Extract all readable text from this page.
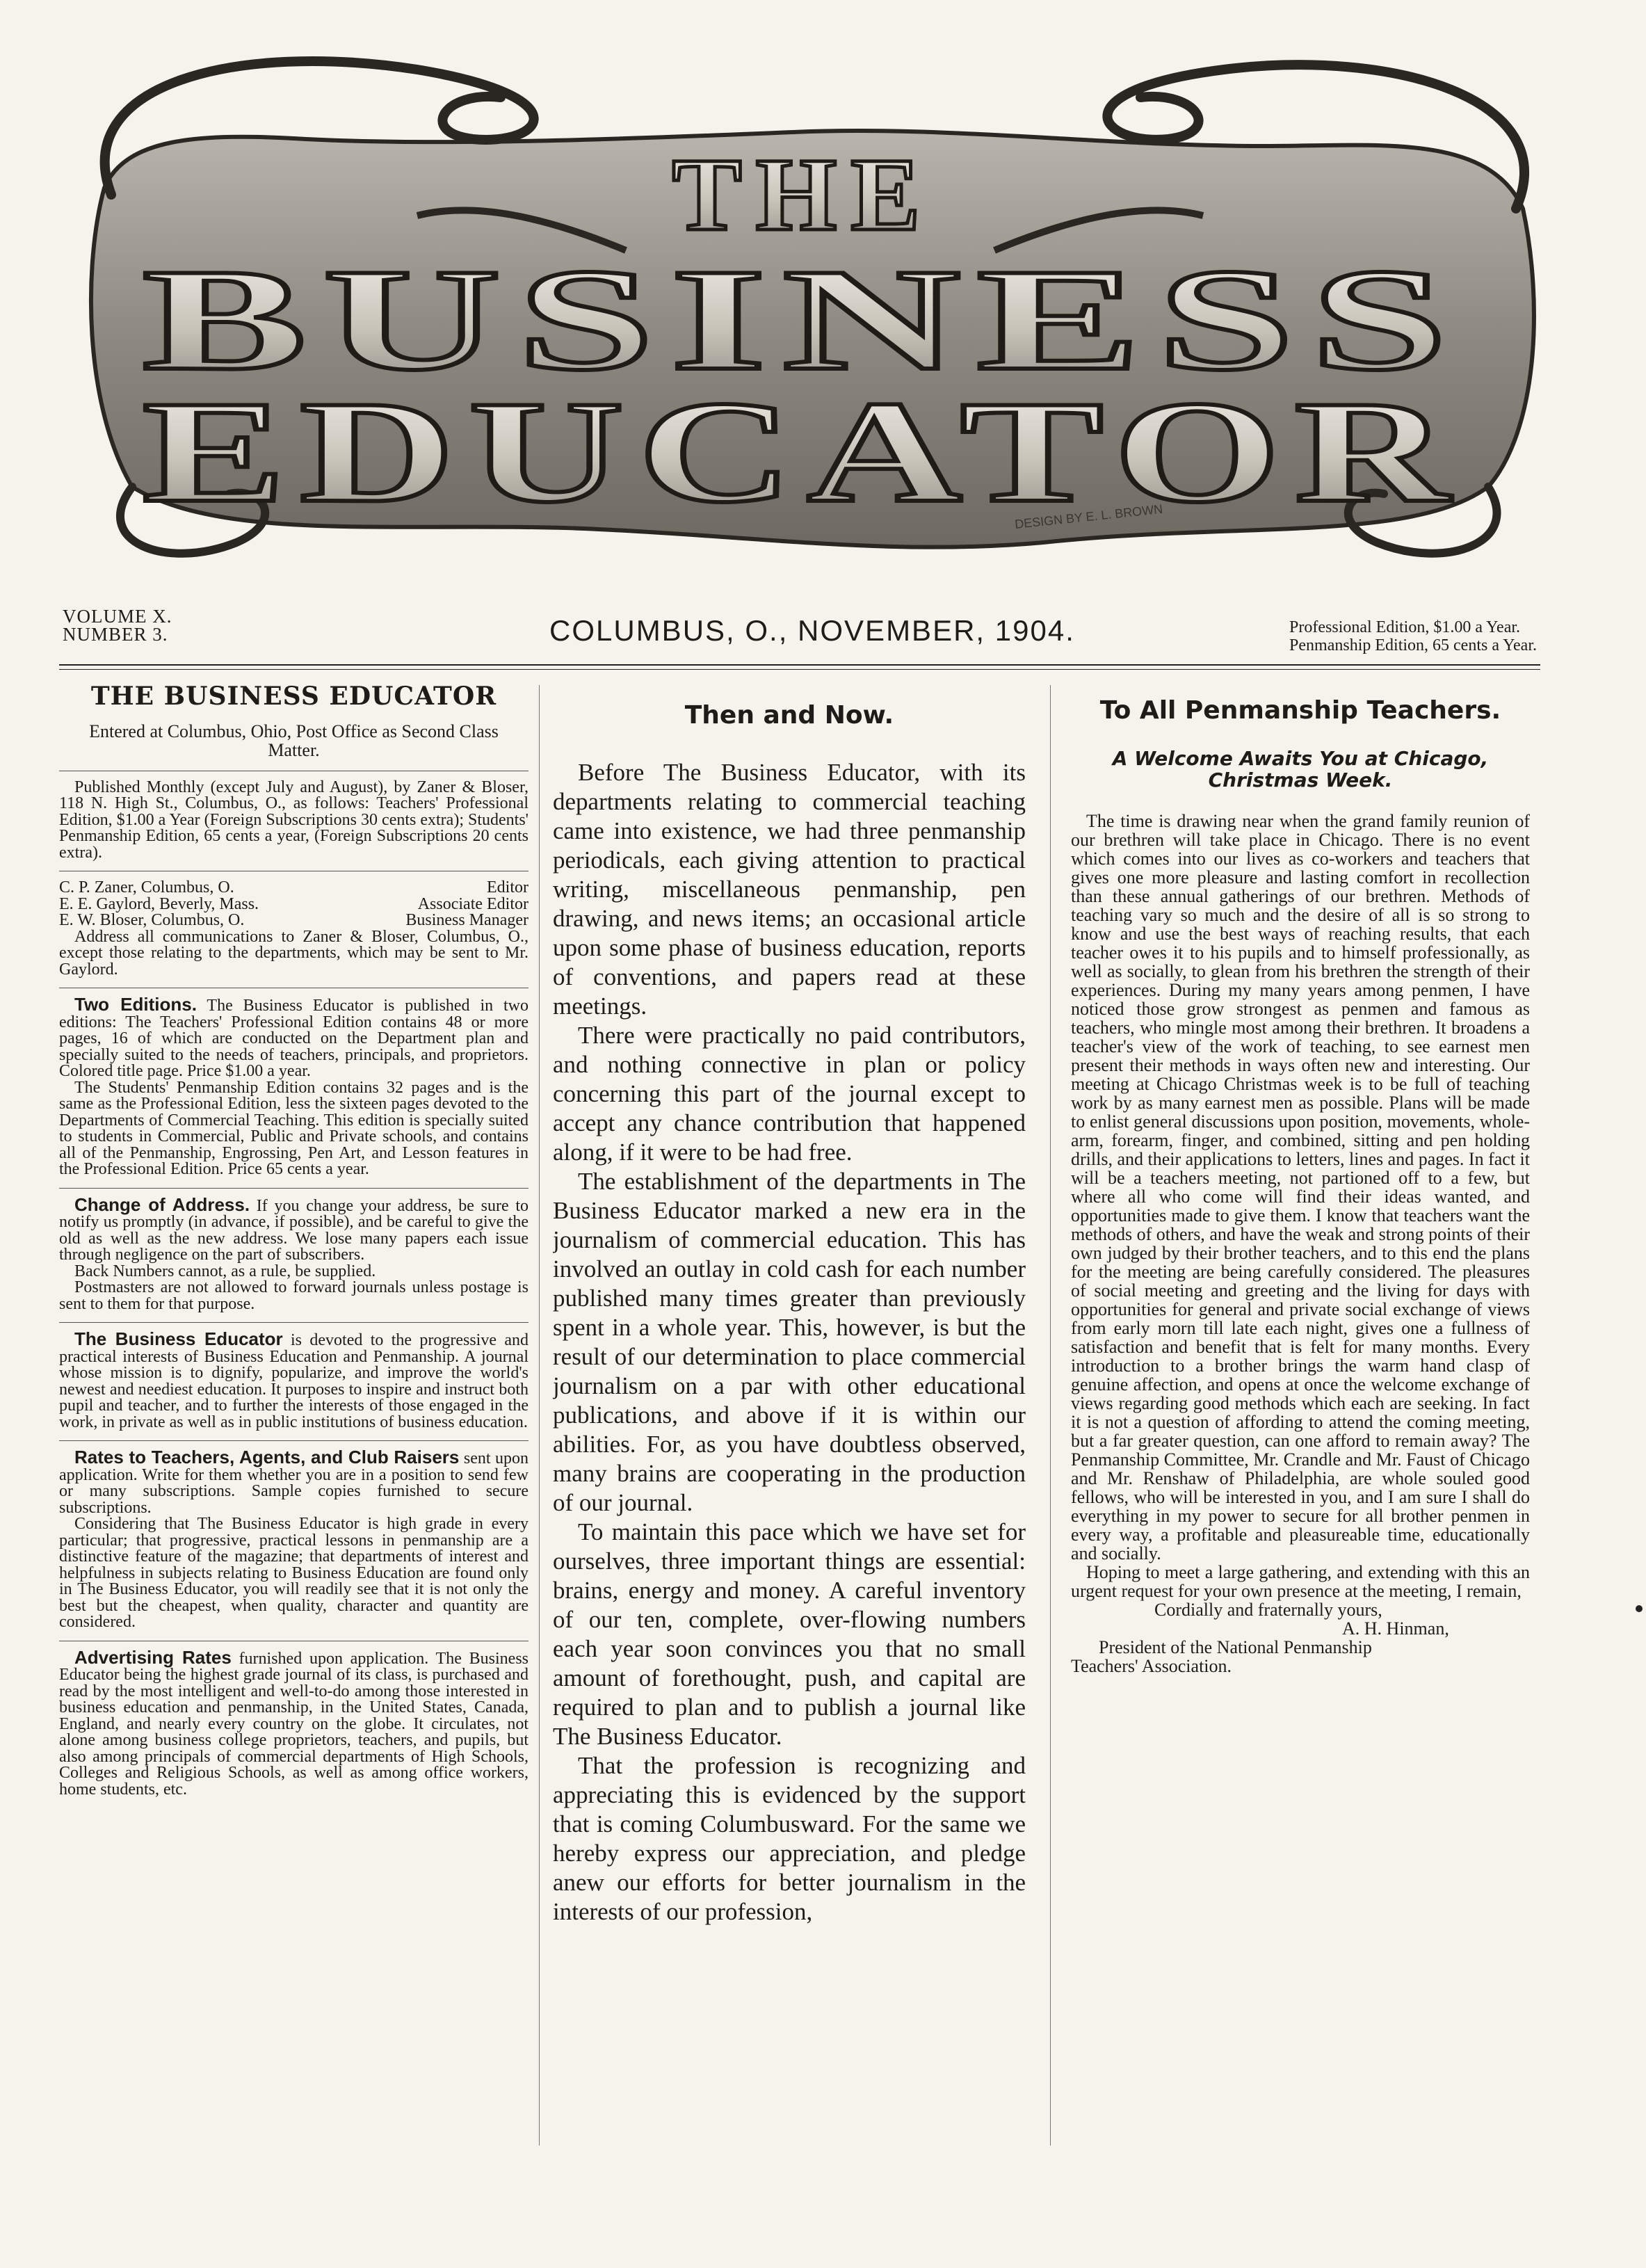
THE
BUSINESS
EDUCATOR
DESIGN BY E. L. BROWN
VOLUME X.
NUMBER 3.	COLUMBUS, O., NOVEMBER, 1904.	Professional Edition, $1.00 a Year.
Penmanship Edition, 65 cents a Year.
THE BUSINESS EDUCATOR
Entered at Columbus, Ohio, Post Office as Second Class Matter.

Published Monthly (except July and August), by Zaner & Bloser, 118 N. High St., Columbus, O., as follows: Teachers' Professional Edition, $1.00 a Year (Foreign Subscriptions 30 cents extra); Students' Penmanship Edition, 65 cents a year, (Foreign Subscriptions 20 cents extra).

C. P. Zaner, Columbus, O.	Editor
E. E. Gaylord, Beverly, Mass.	Associate Editor
E. W. Bloser, Columbus, O.	Business Manager

Address all communications to Zaner & Bloser, Columbus, O., except those relating to the departments, which may be sent to Mr. Gaylord.

Two Editions. The Business Educator is published in two editions: The Teachers' Professional Edition contains 48 or more pages, 16 of which are conducted on the Department plan and specially suited to the needs of teachers, principals, and proprietors. Colored title page. Price $1.00 a year.

The Students' Penmanship Edition contains 32 pages and is the same as the Professional Edition, less the sixteen pages devoted to the Departments of Commercial Teaching. This edition is specially suited to students in Commercial, Public and Private schools, and contains all of the Penmanship, Engrossing, Pen Art, and Lesson features in the Professional Edition. Price 65 cents a year.

Change of Address. If you change your address, be sure to notify us promptly (in advance, if possible), and be careful to give the old as well as the new address. We lose many papers each issue through negligence on the part of subscribers.

Back Numbers cannot, as a rule, be supplied.

Postmasters are not allowed to forward journals unless postage is sent to them for that purpose.

The Business Educator is devoted to the progressive and practical interests of Business Education and Penmanship. A journal whose mission is to dignify, popularize, and improve the world's newest and neediest education. It purposes to inspire and instruct both pupil and teacher, and to further the interests of those engaged in the work, in private as well as in public institutions of business education.

Rates to Teachers, Agents, and Club Raisers sent upon application. Write for them whether you are in a position to send few or many subscriptions. Sample copies furnished to secure subscriptions.

Considering that The Business Educator is high grade in every particular; that progressive, practical lessons in penmanship are a distinctive feature of the magazine; that departments of interest and helpfulness in subjects relating to Business Education are found only in The Business Educator, you will readily see that it is not only the best but the cheapest, when quality, character and quantity are considered.

Advertising Rates furnished upon application. The Business Educator being the highest grade journal of its class, is purchased and read by the most intelligent and well-to-do among those interested in business education and penmanship, in the United States, Canada, England, and nearly every country on the globe. It circulates, not alone among business college proprietors, teachers, and pupils, but also among principals of commercial departments of High Schools, Colleges and Religious Schools, as well as among office workers, home students, etc.

Then and Now.

Before The Business Educator, with its departments relating to commercial teaching came into existence, we had three penmanship periodicals, each giving attention to practical writing, miscellaneous penmanship, pen drawing, and news items; an occasional article upon some phase of business education, reports of conventions, and papers read at these meetings.

There were practically no paid contributors, and nothing connective in plan or policy concerning this part of the journal except to accept any chance contribution that happened along, if it were to be had free.

The establishment of the departments in The Business Educator marked a new era in the journalism of commercial education. This has involved an outlay in cold cash for each number published many times greater than previously spent in a whole year. This, however, is but the result of our determination to place commercial journalism on a par with other educational publications, and above if it is within our abilities. For, as you have doubtless observed, many brains are cooperating in the production of our journal.

To maintain this pace which we have set for ourselves, three important things are essential: brains, energy and money. A careful inventory of our ten, complete, over-flowing numbers each year soon convinces you that no small amount of forethought, push, and capital are required to plan and to publish a journal like The Business Educator.

That the profession is recognizing and appreciating this is evidenced by the support that is coming Columbusward. For the same we hereby express our appreciation, and pledge anew our efforts for better journalism in the interests of our profession,

To All Penmanship Teachers.
A Welcome Awaits You at Chicago, Christmas Week.

The time is drawing near when the grand family reunion of our brethren will take place in Chicago. There is no event which comes into our lives as co-workers and teachers that gives one more pleasure and lasting comfort in recollection than these annual gatherings of our brethren. Methods of teaching vary so much and the desire of all is so strong to know and use the best ways of reaching results, that each teacher owes it to his pupils and to himself professionally, as well as socially, to glean from his brethren the strength of their experiences. During my many years among penmen, I have noticed those grow strongest as penmen and famous as teachers, who mingle most among their brethren. It broadens a teacher's view of the work of teaching, to see earnest men present their methods in ways often new and interesting. Our meeting at Chicago Christmas week is to be full of teaching work by as many earnest men as possible. Plans will be made to enlist general discussions upon position, movements, whole-arm, forearm, finger, and combined, sitting and pen holding drills, and their applications to letters, lines and pages. In fact it will be a teachers meeting, not partioned off to a few, but where all who come will find their ideas wanted, and opportunities made to give them. I know that teachers want the methods of others, and have the weak and strong points of their own judged by their brother teachers, and to this end the plans for the meeting are being carefully considered. The pleasures of social meeting and greeting and the living for days with opportunities for general and private social exchange of views from early morn till late each night, gives one a fullness of satisfaction and benefit that is felt for many months. Every introduction to a brother brings the warm hand clasp of genuine affection, and opens at once the welcome exchange of views regarding good methods which each are seeking. In fact it is not a question of affording to attend the coming meeting, but a far greater question, can one afford to remain away? The Penmanship Committee, Mr. Crandle and Mr. Faust of Chicago and Mr. Renshaw of Philadelphia, are whole souled good fellows, who will be interested in you, and I am sure I shall do everything in my power to secure for all brother penmen in every way, a profitable and pleasureable time, educationally and socially.

Hoping to meet a large gathering, and extending with this an urgent request for your own presence at the meeting, I remain,

Cordially and fraternally yours,
A. H. Hinman,
President of the National Penmanship
Teachers' Association.
